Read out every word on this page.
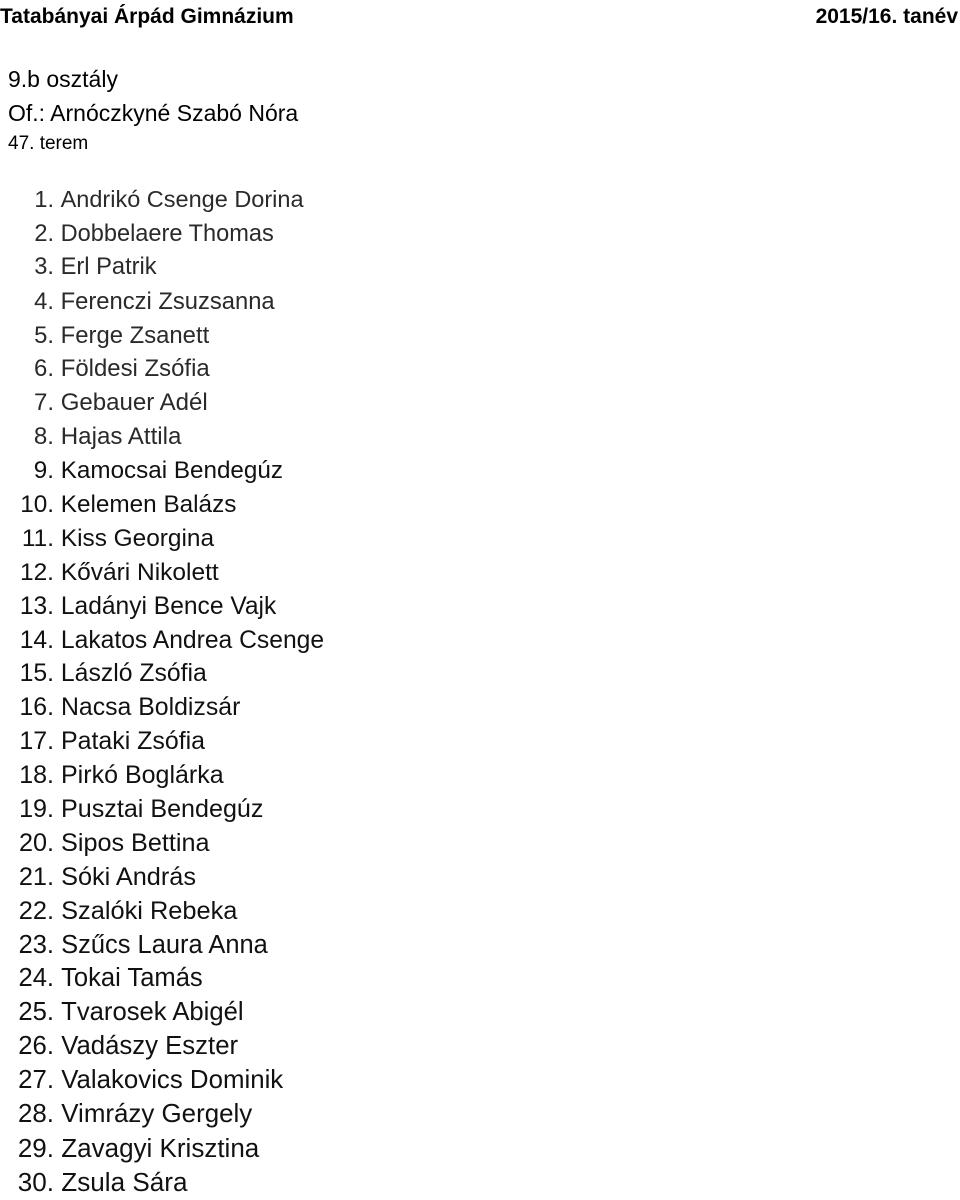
Tatabányai Árpád Gimnázium	2015/16. tanév
9.b osztály
Of.: Arnóczkyné Szabó Nóra
47. terem
1. Andrikó Csenge Dorina
2. Dobbelaere Thomas
3. Erl Patrik
4. Ferenczi Zsuzsanna
5. Ferge Zsanett
6. Földesi Zsófia
7. Gebauer Adél
8. Hajas Attila
9. Kamocsai Bendegúz
10. Kelemen Balázs
11. Kiss Georgina
12. Kővári Nikolett
13. Ladányi Bence Vajk
14. Lakatos Andrea Csenge
15. László Zsófia
16. Nacsa Boldizsár
17. Pataki Zsófia
18. Pirkó Boglárka
19. Pusztai Bendegúz
20. Sipos Bettina
21. Sóki András
22. Szalóki Rebeka
23. Szűcs Laura Anna
24. Tokai Tamás
25. Tvarosek Abigél
26. Vadászy Eszter
27. Valakovics Dominik
28. Vimrázy Gergely
29. Zavagyi Krisztina
30. Zsula Sára
